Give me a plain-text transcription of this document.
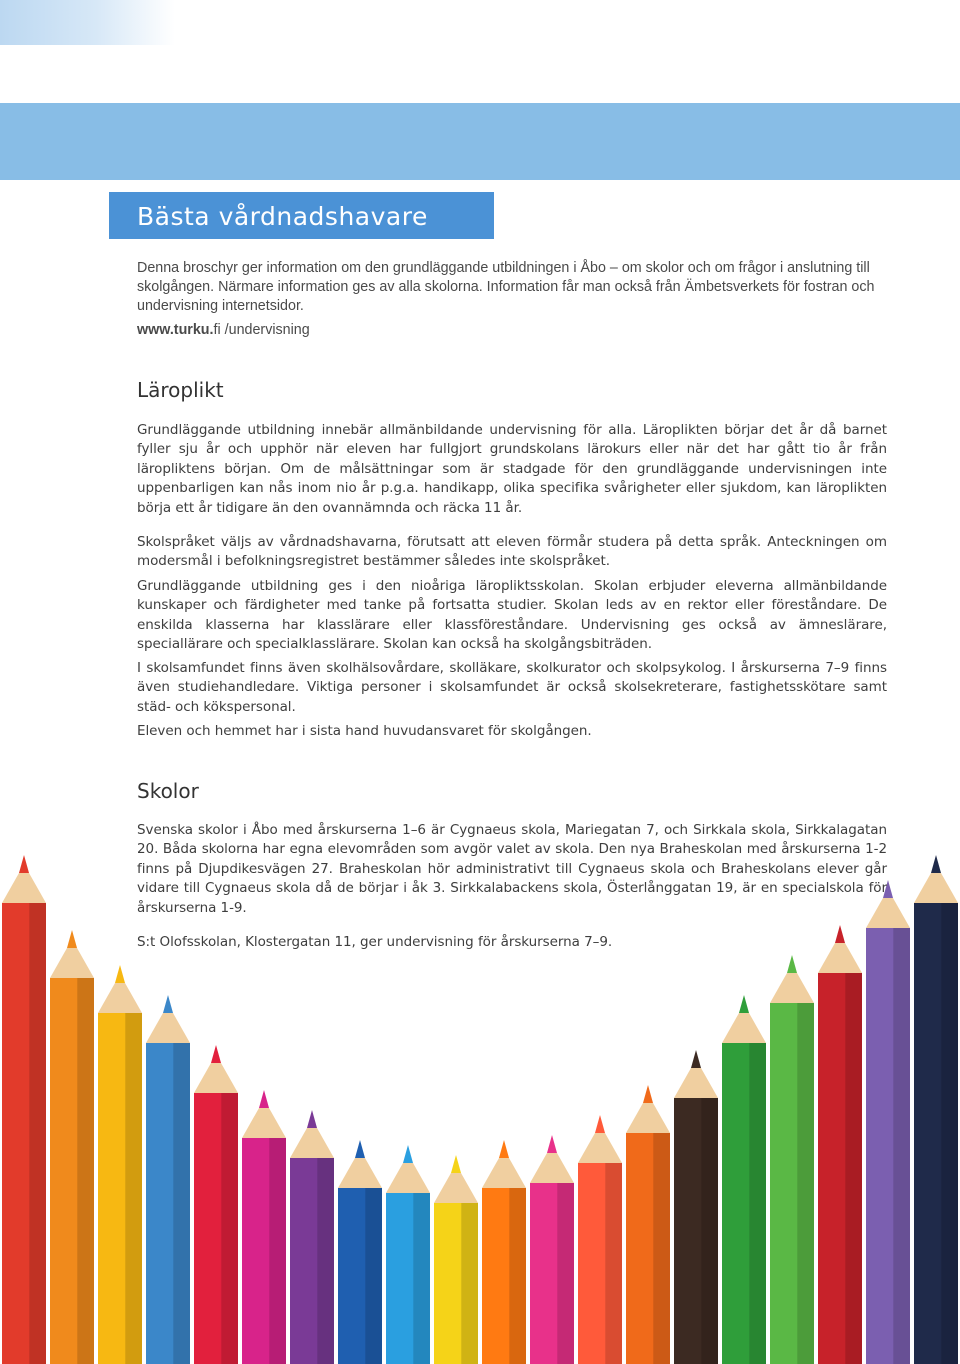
Bästa vårdnadshavare
Denna broschyr ger information om den grundläggande utbildningen i Åbo – om skolor och om frågor i anslutning till skolgången. Närmare information ges av alla skolorna. Information får man också från Ämbetsverkets för fostran och undervisning internetsidor.
www.turku.fi /undervisning
Läroplikt

Grundläggande utbildning innebär allmänbildande undervisning för alla. Läroplikten börjar det år då barnet fyller sju år och upphör när eleven har fullgjort grundskolans lärokurs eller när det har gått tio år från läropliktens början. Om de målsättningar som är stadgade för den grundläggande undervisningen inte uppenbarligen kan nås inom nio år p.g.a. handikapp, olika specifika svårigheter eller sjukdom, kan läroplikten börja ett år tidigare än den ovannämnda och räcka 11 år.

Skolspråket väljs av vårdnadshavarna, förutsatt att eleven förmår studera på detta språk. Anteckningen om modersmål i befolkningsregistret bestämmer således inte skolspråket.

Grundläggande utbildning ges i den nioåriga läropliktsskolan. Skolan erbjuder eleverna allmänbildande kunskaper och färdigheter med tanke på fortsatta studier. Skolan leds av en rektor eller föreståndare. De enskilda klasserna har klasslärare eller klassföreståndare. Undervisning ges också av ämneslärare, speciallärare och specialklasslärare. Skolan kan också ha skolgångsbiträden.

I skolsamfundet finns även skolhälsovårdare, skolläkare, skolkurator och skolpsykolog. I årskurserna 7–9 finns även studiehandledare. Viktiga personer i skolsamfundet är också skolsekreterare, fastighetsskötare samt städ- och kökspersonal.

Eleven och hemmet har i sista hand huvudansvaret för skolgången.

Skolor

Svenska skolor i Åbo med årskurserna 1–6 är Cygnaeus skola, Mariegatan 7, och Sirkkala skola, Sirkkalagatan 20. Båda skolorna har egna elevområden som avgör valet av skola. Den nya Braheskolan med årskurserna 1-2 finns på Djupdikesvägen 27. Braheskolan hör administrativt till Cygnaeus skola och Braheskolans elever går vidare till Cygnaeus skola då de börjar i åk 3. Sirkkalabackens skola, Österlånggatan 19, är en specialskola för årskurserna 1-9.

S:t Olofsskolan, Klostergatan 11, ger undervisning för årskurserna 7–9.
